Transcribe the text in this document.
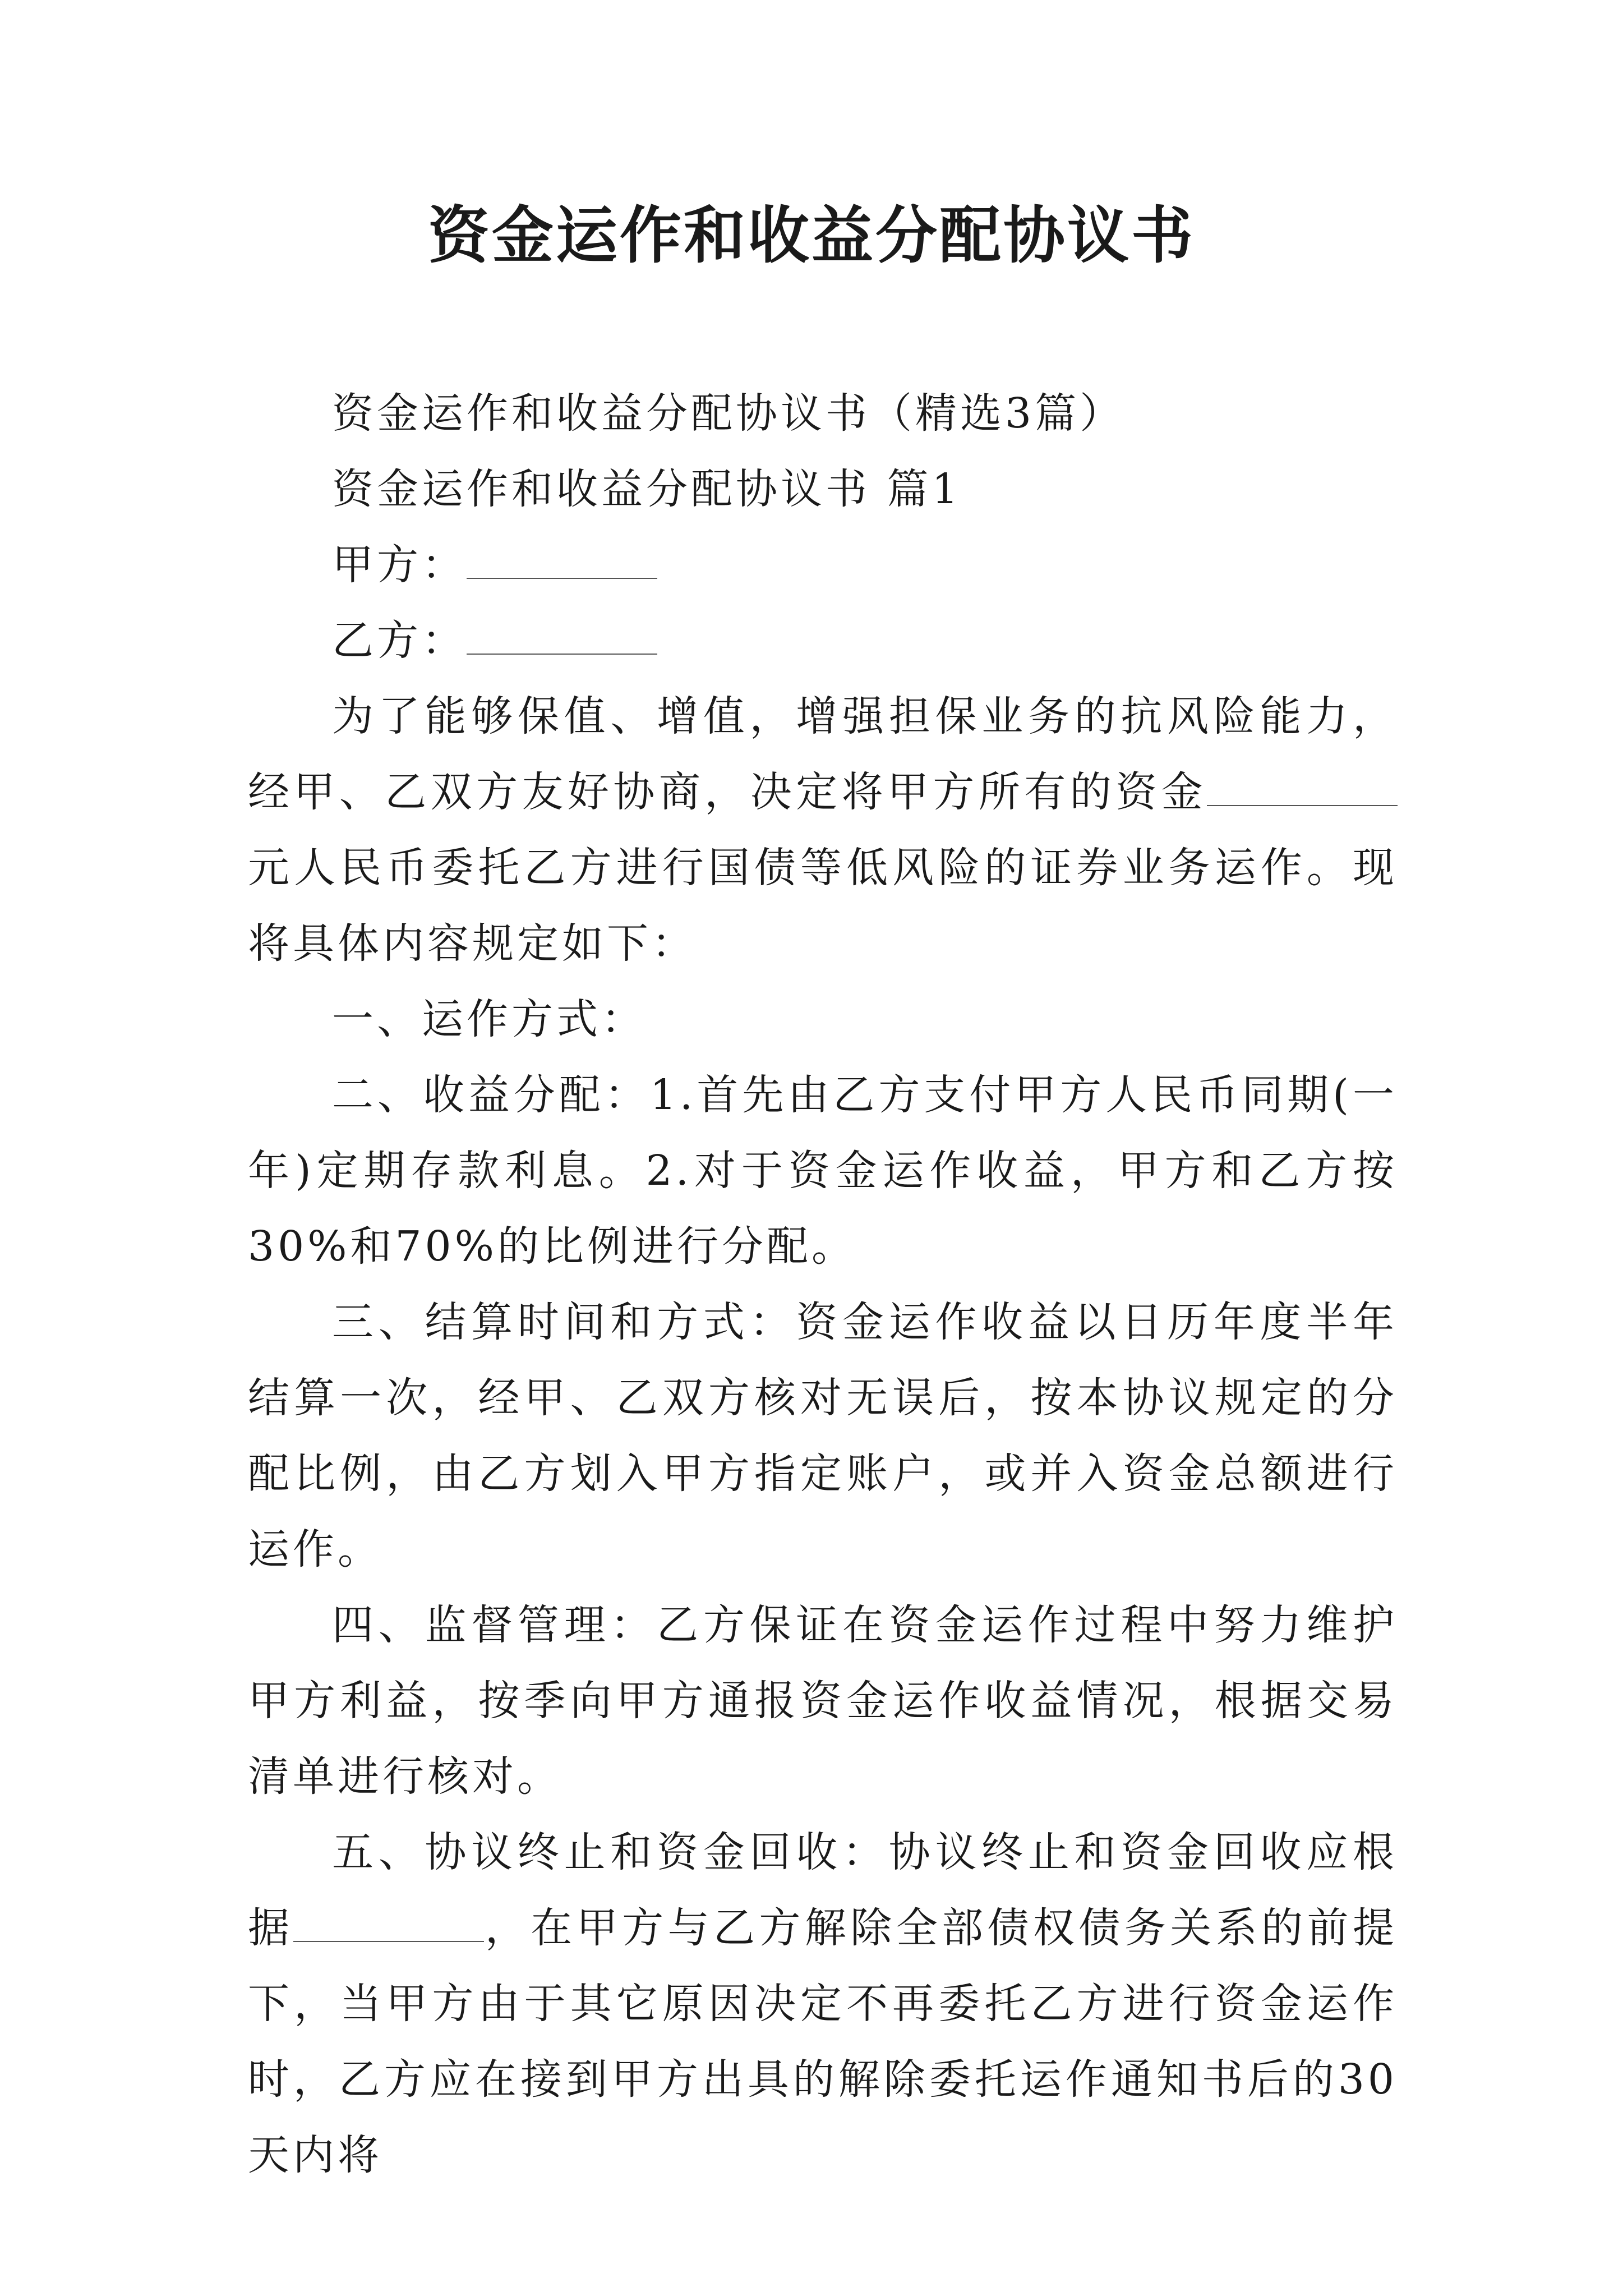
资金运作和收益分配协议书

资金运作和收益分配协议书（精选3篇）

资金运作和收益分配协议书 篇1

甲方：

乙方：

为了能够保值、增值，增强担保业务的抗风险能力，经甲、乙双方友好协商，决定将甲方所有的资金元人民币委托乙方进行国债等低风险的证券业务运作。现将具体内容规定如下：

一、运作方式：

二、收益分配：1.首先由乙方支付甲方人民币同期(一年)定期存款利息。2.对于资金运作收益，甲方和乙方按30%和70%的比例进行分配。

三、结算时间和方式：资金运作收益以日历年度半年结算一次，经甲、乙双方核对无误后，按本协议规定的分配比例，由乙方划入甲方指定账户，或并入资金总额进行运作。

四、监督管理：乙方保证在资金运作过程中努力维护甲方利益，按季向甲方通报资金运作收益情况，根据交易清单进行核对。

五、协议终止和资金回收：协议终止和资金回收应根据	，在甲方与乙方解除全部债权债务关系的前提下，当甲方由于其它原因决定不再委托乙方进行资金运作时，乙方应在接到甲方出具的解除委托运作通知书后的30天内将
